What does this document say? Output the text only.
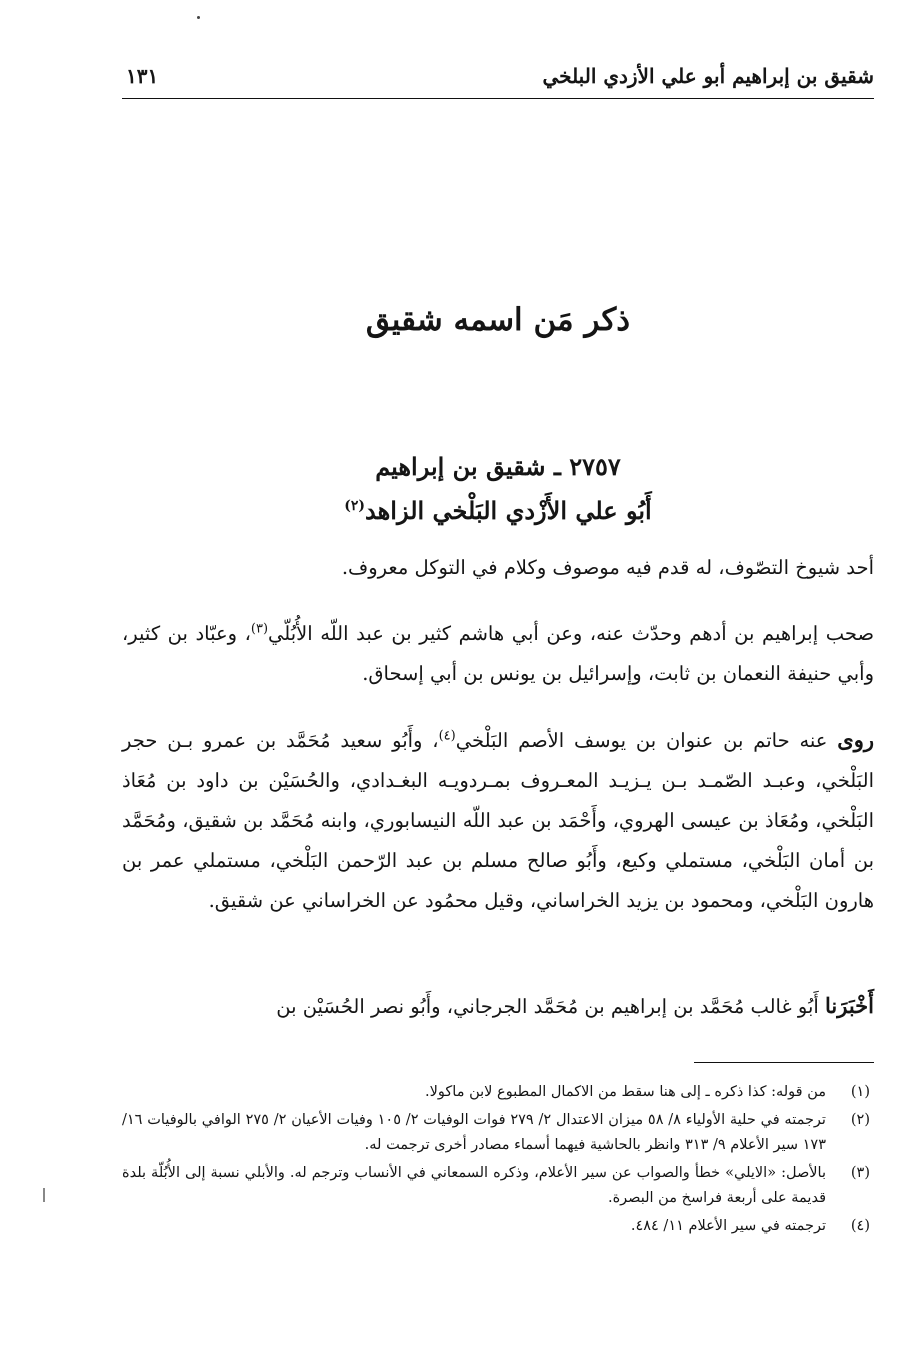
شقيق بن إبراهيم أبو علي الأزدي البلخي
١٣١
ذكر مَن اسمه شقيق
٢٧٥٧ ـ شقيق بن إبراهيم
أَبُو علي الأَزْدي البَلْخي الزاهد$^{(٢)}$

أحد شيوخ التصّوف، له قدم فيه موصوف وكلام في التوكل معروف.

صحب إبراهيم بن أدهم وحدّث عنه، وعن أبي هاشم كثير بن عبد اللّه الأُبُلّي$^{(٣)}$، وعبّاد بن كثير، وأبي حنيفة النعمان بن ثابت، وإسرائيل بن يونس بن أبي إسحاق.

روى عنه حاتم بن عنوان بن يوسف الأصم البَلْخي$^{(٤)}$، وأَبُو سعيد مُحَمَّد بن عمرو بـن حجر البَلْخي، وعبـد الصّمـد بـن يـزيـد المعـروف بمـردويـه البغـدادي، والحُسَيْن بن داود بن مُعَاذ البَلْخي، ومُعَاذ بن عيسى الهروي، وأَحْمَد بن عبد اللّه النيسابوري، وابنه مُحَمَّد بن شقيق، ومُحَمَّد بن أمان البَلْخي، مستملي وكيع، وأَبُو صالح مسلم بن عبد الرّحمن البَلْخي، مستملي عمر بن هارون البَلْخي، ومحمود بن يزيد الخراساني، وقيل محمُود عن الخراساني عن شقيق.

أَخْبَرَنا أَبُو غالب مُحَمَّد بن إبراهيم بن مُحَمَّد الجرجاني، وأَبُو نصر الحُسَيْن بن

(١)
من قوله: كذا ذكره ـ إلى هنا سقط من الاكمال المطبوع لابن ماكولا.
(٢)
ترجمته في حلية الأولياء ٨/ ٥٨ ميزان الاعتدال ٢/ ٢٧٩ فوات الوفيات ٢/ ١٠٥ وفيات الأعيان ٢/ ٢٧٥ الوافي بالوفيات ١٦/ ١٧٣ سير الأعلام ٩/ ٣١٣ وانظر بالحاشية فيهما أسماء مصادر أخرى ترجمت له.
(٣)
بالأصل: «الايلي» خطأ والصواب عن سير الأعلام، وذكره السمعاني في الأنساب وترجم له. والأبلي نسبة إلى الأُبُلّة بلدة قديمة على أربعة فراسخ من البصرة.
(٤)
ترجمته في سير الأعلام ١١/ ٤٨٤.
